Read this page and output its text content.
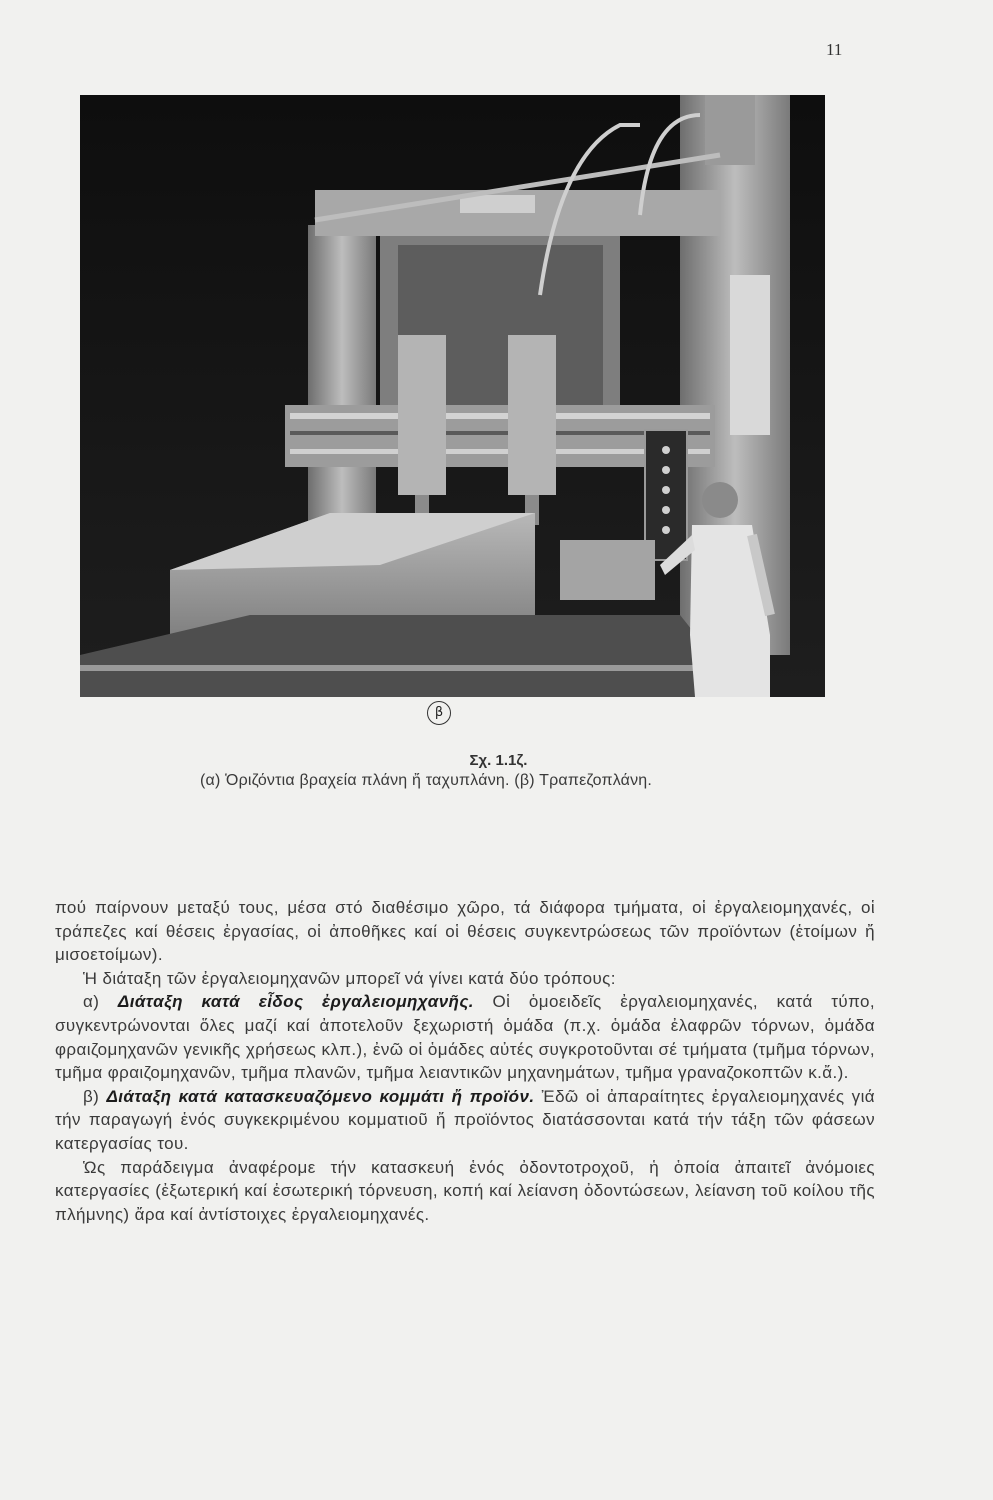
11
β
Σχ. 1.1ζ.
(α) Ὁριζόντια βραχεία πλάνη ἤ ταχυπλάνη. (β) Τραπεζοπλάνη.

πού παίρνουν μεταξύ τους, μέσα στό διαθέσιμο χῶρο, τά διάφορα τμήματα, οἱ ἐργαλειομηχανές, οἱ τράπεζες καί θέσεις ἐργασίας, οἱ ἀποθῆκες καί οἱ θέσεις συγκεντρώσεως τῶν προϊόντων (ἑτοίμων ἤ μισοετοίμων).

Ἡ διάταξη τῶν ἐργαλειομηχανῶν μπορεῖ νά γίνει κατά δύο τρόπους:

α) Διάταξη κατά εἶδος ἐργαλειομηχανῆς. Οἱ ὁμοειδεῖς ἐργαλειομηχανές, κατά τύπο, συγκεντρώνονται ὅλες μαζί καί ἀποτελοῦν ξεχωριστή ὁμάδα (π.χ. ὁμάδα ἐλαφρῶν τόρνων, ὁμάδα φραιζομηχανῶν γενικῆς χρήσεως κλπ.), ἐνῶ οἱ ὁμάδες αὐτές συγκροτοῦνται σέ τμήματα (τμῆμα τόρνων, τμῆμα φραιζομηχανῶν, τμῆμα πλανῶν, τμῆμα λειαντικῶν μηχανημάτων, τμῆμα γραναζοκοπτῶν κ.ἄ.).

β) Διάταξη κατά κατασκευαζόμενο κομμάτι ἤ προϊόν. Ἐδῶ οἱ ἀπαραίτητες ἐργαλειομηχανές γιά τήν παραγωγή ἑνός συγκεκριμένου κομματιοῦ ἤ προϊόντος διατάσσονται κατά τήν τάξη τῶν φάσεων κατεργασίας του.

Ὡς παράδειγμα ἀναφέρομε τήν κατασκευή ἑνός ὀδοντοτροχοῦ, ἡ ὁποία ἀπαιτεῖ ἀνόμοιες κατεργασίες (ἐξωτερική καί ἐσωτερική τόρνευση, κοπή καί λείανση ὀδοντώσεων, λείανση τοῦ κοίλου τῆς πλήμνης) ἄρα καί ἀντίστοιχες ἐργαλειομηχανές.
